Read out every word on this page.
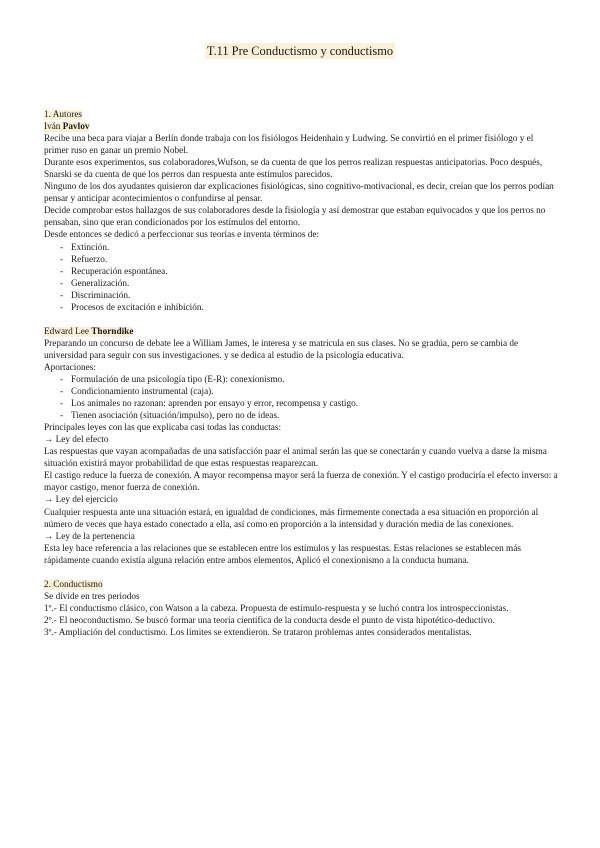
T.11 Pre Conductismo y conductismo

1. Autores

Iván Pavlov

Recibe una beca para viajar a Berlín donde trabaja con los fisiólogos Heidenhain y Ludwing. Se convirtió en el primer fisiólogo y el primer ruso en ganar un premio Nobel.

Durante esos experimentos, sus colaboradores,Wufson, se da cuenta de que los perros realizan respuestas anticipatorias. Poco después, Snarski se da cuenta de que los perros dan respuesta ante estímulos parecidos.

Ninguno de los dos ayudantes quisieron dar explicaciones fisiológicas, sino cognitivo-motivacional, es decir, creían que los perros podían pensar y anticipar acontecimientos o confundirse al pensar.

Decide comprobar estos hallazgos de sus colaboradores desde la fisiología y así demostrar que estaban equivocados y que los perros no pensaban, sino que eran condicionados por los estímulos del entorno.

Desde entonces se dedicó a perfeccionar sus teorías e inventa términos de:

- Extinción.
- Refuerzo.
- Recuperación espontánea.
- Generalización.
- Discriminación.
- Procesos de excitación e inhibición.

Edward Lee Thorndike

Preparando un concurso de debate lee a William James, le interesa y se matricula en sus clases. No se gradúa, pero se cambia de universidad para seguir con sus investigaciones. y se dedica al estudio de la psicología educativa.

Aportaciones:

- Formulación de una psicología tipo (E-R): conexionismo.
- Condicionamiento instrumental (caja).
- Los animales no razonan: aprenden por ensayo y error, recompensa y castigo.
- Tienen asociación (situación/impulso), pero no de ideas.

Principales leyes con las que explicaba casi todas las conductas:

→ Ley del efecto

Las respuestas que vayan acompañadas de una satisfacción paar el animal serán las que se conectarán y cuando vuelva a darse la misma situación existirá mayor probabilidad de que estas respuestas reaparezcan.

El castigo reduce la fuerza de conexión. A mayor recompensa mayor será la fuerza de conexión. Y el castigo produciría el efecto inverso: a mayor castigo, menor fuerza de conexión.

→ Ley del ejercicio

Cualquier respuesta ante una situación estará, en igualdad de condiciones, más firmemente conectada a esa situación en proporción al número de veces que haya estado conectado a ella, así como en proporción a la intensidad y duración media de las conexiones.

→ Ley de la pertenencia

Esta ley hace referencia a las relaciones que se establecen entre los estímulos y las respuestas. Estas relaciones se establecen más rápidamente cuando existía alguna relación entre ambos elementos, Aplicó el conexionismo a la conducta humana.

2. Conductismo

Se divide en tres periodos

1º.- El conductismo clásico, con Watson a la cabeza. Propuesta de estímulo-respuesta y se luchó contra los introspeccionistas.

2º.- El neoconductismo. Se buscó formar una teoría científica de la conducta desde el punto de vista hipotético-deductivo.

3º.- Ampliación del conductismo. Los límites se extendieron. Se trataron problemas antes considerados mentalistas.
